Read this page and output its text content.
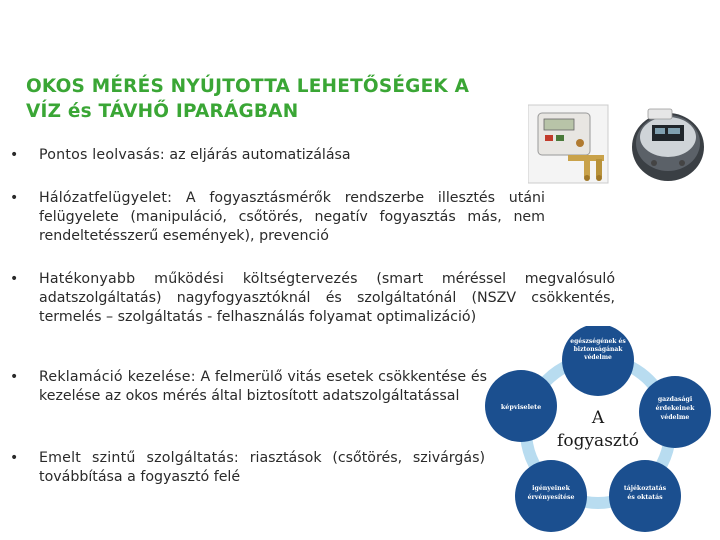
OKOS MÉRÉS NYÚJTOTTA LEHETŐSÉGEK A
VÍZ és TÁVHŐ IPARÁGBAN
•	Pontos leolvasás: az eljárás automatizálása
•	Hálózatfelügyelet: A fogyasztásmérők rendszerbe illesztés utáni felügyelete (manipuláció, csőtörés, negatív fogyasztás más, nem rendeltetésszerű események), prevenció
•	Hatékonyabb működési költségtervezés (smart méréssel megvalósuló adatszolgáltatás) nagyfogyasztóknál és szolgáltatónál (NSZV csökkentés, termelés – szolgáltatás - felhasználás folyamat optimalizáció)
•	Reklamáció kezelése: A felmerülő vitás esetek csökkentése és kezelése az okos mérés által biztosított adatszolgáltatással
•	Emelt szintű szolgáltatás: riasztások (csőtörés, szivárgás) továbbítása a fogyasztó felé
A
fogyasztó
egészségének és
biztonságának
védelme
gazdasági
érdekeinek
védelme
tájékoztatás
és oktatás
igényeinek
érvényesítése
képviselete
